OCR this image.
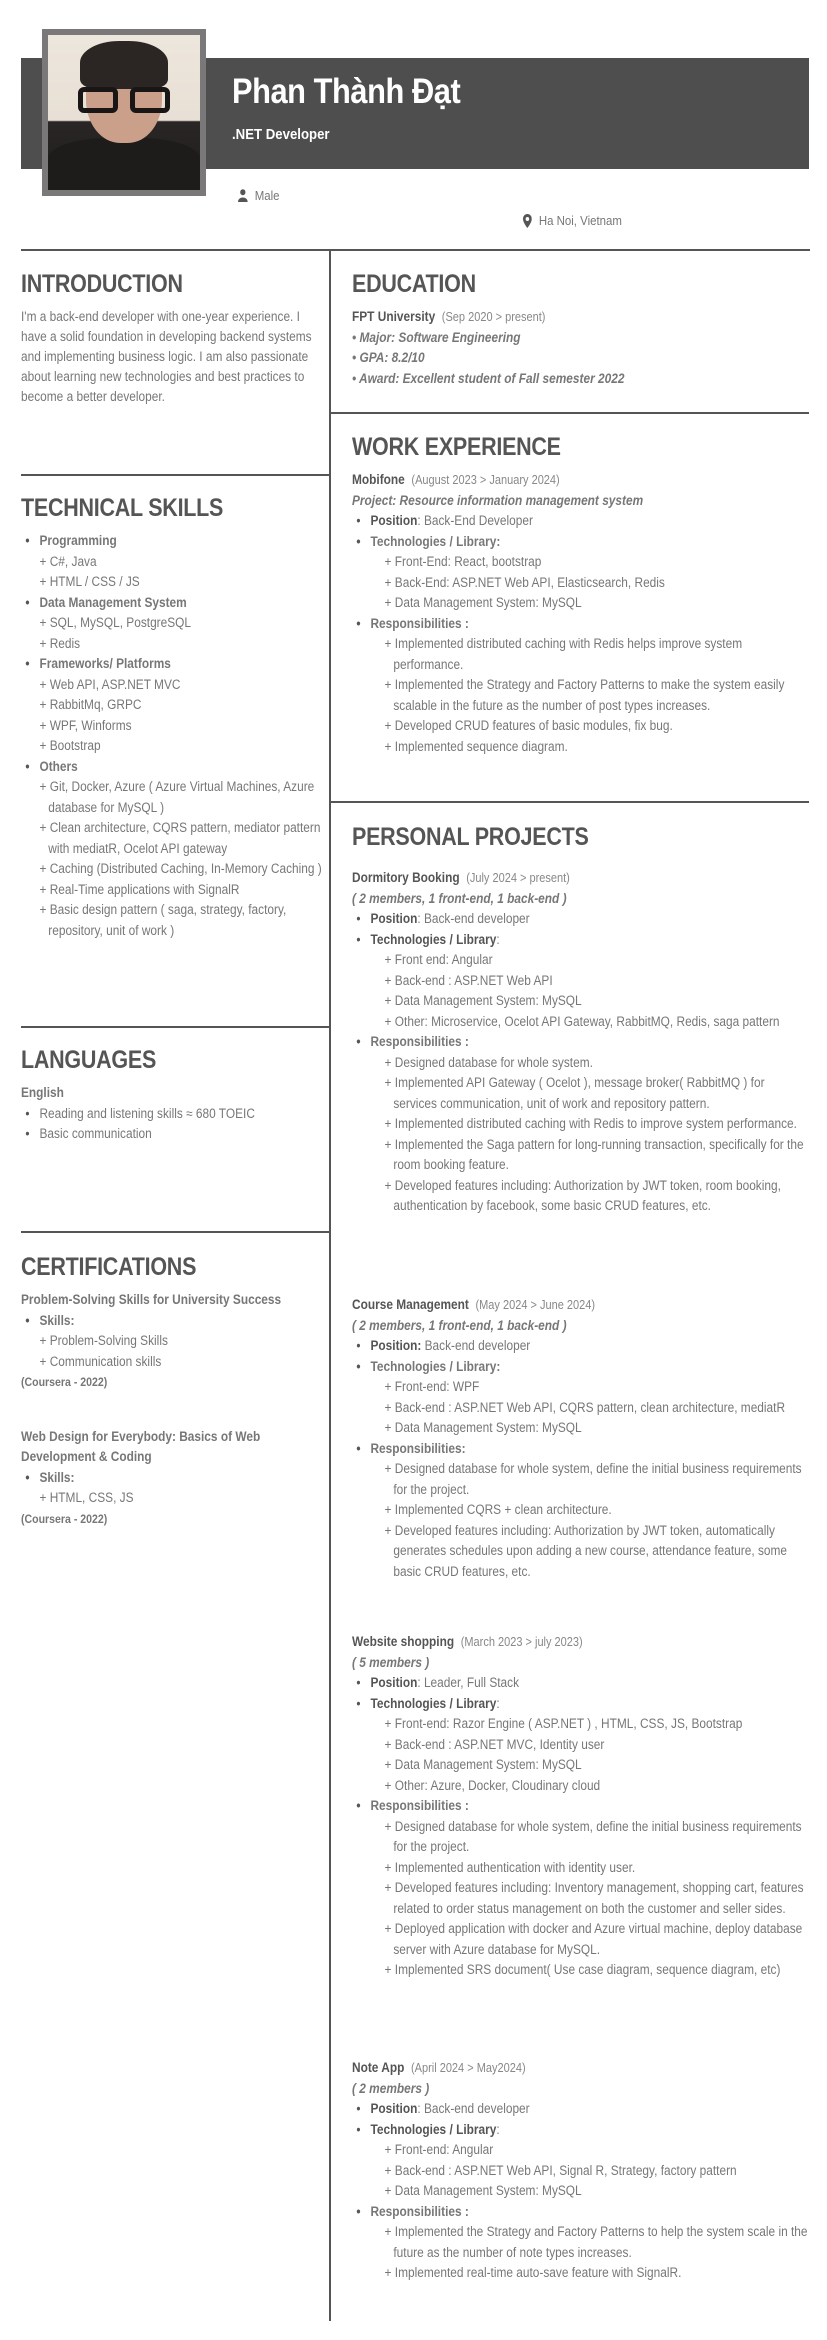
Phan Thành Đạt
.NET Developer
Male
Ha Noi, Vietnam
INTRODUCTION
I'm a back-end developer with one-year experience. I have a solid foundation in developing backend systems and implementing business logic. I am also passionate about learning new technologies and best practices to become a better developer.
TECHNICAL SKILLS
• Programming
+ C#, Java
+ HTML / CSS / JS
• Data Management System
+ SQL, MySQL, PostgreSQL
+ Redis
• Frameworks/ Platforms
+ Web API, ASP.NET MVC
+ RabbitMq, GRPC
+ WPF, Winforms
+ Bootstrap
• Others
+ Git, Docker, Azure ( Azure Virtual Machines, Azure database for MySQL )
+ Clean architecture, CQRS pattern, mediator pattern with mediatR, Ocelot API gateway
+ Caching (Distributed Caching, In-Memory Caching )
+ Real-Time applications with SignalR
+ Basic design pattern ( saga, strategy, factory, repository, unit of work )
LANGUAGES
English
• Reading and listening skills ≈ 680 TOEIC
• Basic communication
CERTIFICATIONS
Problem-Solving Skills for University Success
• Skills:
+ Problem-Solving Skills
+ Communication skills
(Coursera - 2022)
Web Design for Everybody: Basics of Web Development & Coding
• Skills:
+ HTML, CSS, JS
(Coursera - 2022)
EDUCATION
FPT University (Sep 2020 > present)
• Major: Software Engineering
• GPA: 8.2/10
• Award: Excellent student of Fall semester 2022
WORK EXPERIENCE
Mobifone (August 2023 > January 2024)
Project: Resource information management system
• Position: Back-End Developer
• Technologies / Library:
+ Front-End: React, bootstrap
+ Back-End: ASP.NET Web API, Elasticsearch, Redis
+ Data Management System: MySQL
• Responsibilities :
+ Implemented distributed caching with Redis helps improve system performance.
+ Implemented the Strategy and Factory Patterns to make the system easily scalable in the future as the number of post types increases.
+ Developed CRUD features of basic modules, fix bug.
+ Implemented sequence diagram.
PERSONAL PROJECTS
Dormitory Booking (July 2024 > present)
( 2 members, 1 front-end, 1 back-end )
• Position: Back-end developer
• Technologies / Library:
+ Front end: Angular
+ Back-end : ASP.NET Web API
+ Data Management System: MySQL
+ Other: Microservice, Ocelot API Gateway, RabbitMQ, Redis, saga pattern
• Responsibilities :
+ Designed database for whole system.
+ Implemented API Gateway ( Ocelot ), message broker( RabbitMQ ) for services communication, unit of work and repository pattern.
+ Implemented distributed caching with Redis to improve system performance.
+ Implemented the Saga pattern for long-running transaction, specifically for the room booking feature.
+ Developed features including: Authorization by JWT token, room booking, authentication by facebook, some basic CRUD features, etc.
Course Management (May 2024 > June 2024)
( 2 members, 1 front-end, 1 back-end )
• Position: Back-end developer
• Technologies / Library:
+ Front-end: WPF
+ Back-end : ASP.NET Web API, CQRS pattern, clean architecture, mediatR
+ Data Management System: MySQL
• Responsibilities:
+ Designed database for whole system, define the initial business requirements for the project.
+ Implemented CQRS + clean architecture.
+ Developed features including: Authorization by JWT token, automatically generates schedules upon adding a new course, attendance feature, some basic CRUD features, etc.
Website shopping (March 2023 > july 2023)
( 5 members )
• Position: Leader, Full Stack
• Technologies / Library:
+ Front-end: Razor Engine ( ASP.NET ) , HTML, CSS, JS, Bootstrap
+ Back-end : ASP.NET MVC, Identity user
+ Data Management System: MySQL
+ Other: Azure, Docker, Cloudinary cloud
• Responsibilities :
+ Designed database for whole system, define the initial business requirements for the project.
+ Implemented authentication with identity user.
+ Developed features including: Inventory management, shopping cart, features related to order status management on both the customer and seller sides.
+ Deployed application with docker and Azure virtual machine, deploy database server with Azure database for MySQL.
+ Implemented SRS document( Use case diagram, sequence diagram, etc)
Note App (April 2024 > May2024)
( 2 members )
• Position: Back-end developer
• Technologies / Library:
+ Front-end: Angular
+ Back-end : ASP.NET Web API, Signal R, Strategy, factory pattern
+ Data Management System: MySQL
• Responsibilities :
+ Implemented the Strategy and Factory Patterns to help the system scale in the future as the number of note types increases.
+ Implemented real-time auto-save feature with SignalR.
